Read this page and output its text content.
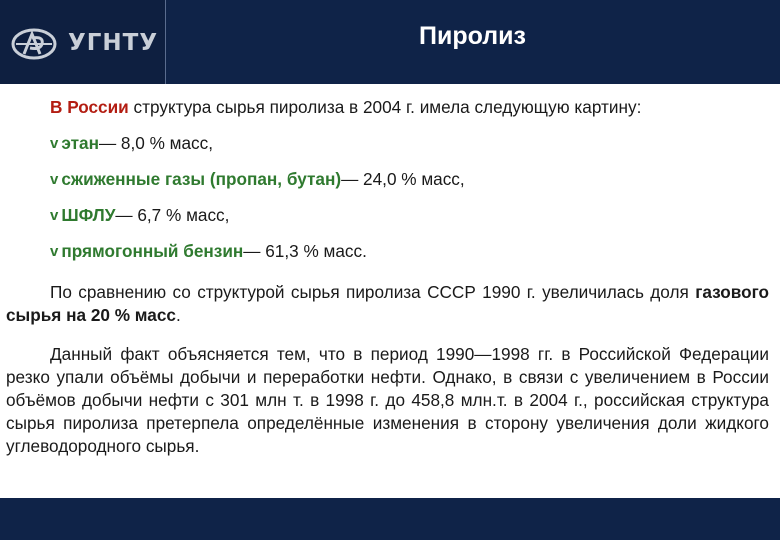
УГНТУ	Пиролиз
В России структура сырья пиролиза в 2004 г. имела следующую картину:
v этан — 8,0 % масс,
v сжиженные газы (пропан, бутан) — 24,0 % масс,
v ШФЛУ — 6,7 % масс,
v прямогонный бензин — 61,3 % масс.

По сравнению со структурой сырья пиролиза СССР 1990 г. увеличилась доля газового сырья на 20 % масс.

Данный факт объясняется тем, что в период 1990—1998 гг. в Российской Федерации резко упали объёмы добычи и переработки нефти. Однако, в связи с увеличением в России объёмов добычи нефти с 301 млн т. в 1998 г. до 458,8 млн.т. в 2004 г., российская структура сырья пиролиза претерпела определённые изменения в сторону увеличения доли жидкого углеводородного сырья.
